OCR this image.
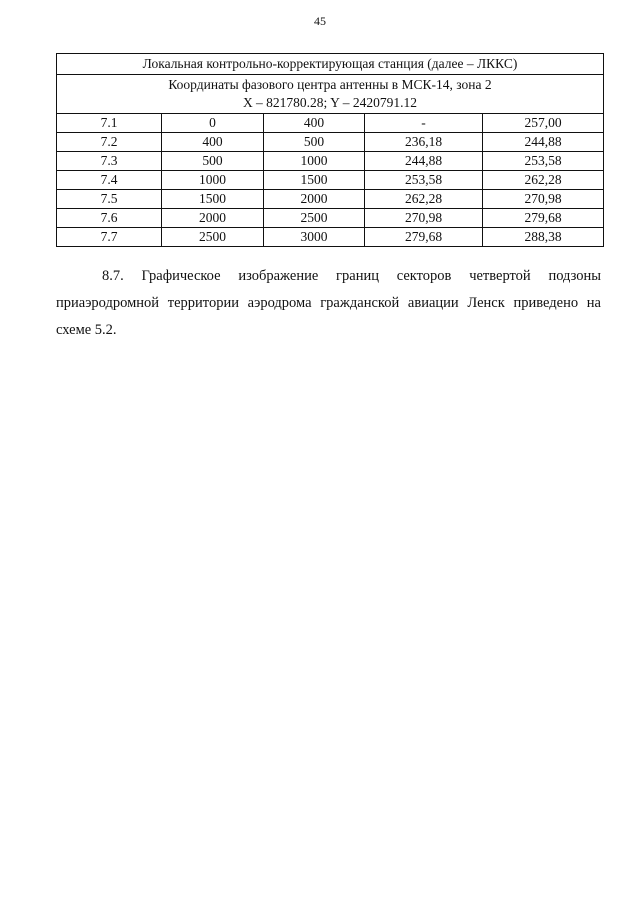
45
Локальная контрольно-корректирующая станция (далее – ЛККС)				

Координаты фазового центра антенны в МСК-14, зона 2
X – 821780.28; Y – 2420791.12				

7.1	0	400	-	257,00
7.2	400	500	236,18	244,88
7.3	500	1000	244,88	253,58
7.4	1000	1500	253,58	262,28
7.5	1500	2000	262,28	270,98
7.6	2000	2500	270,98	279,68
7.7	2500	3000	279,68	288,38

8.7. Графическое изображение границ секторов четвертой подзоны приаэродромной территории аэродрома гражданской авиации Ленск приведено на схеме 5.2.
